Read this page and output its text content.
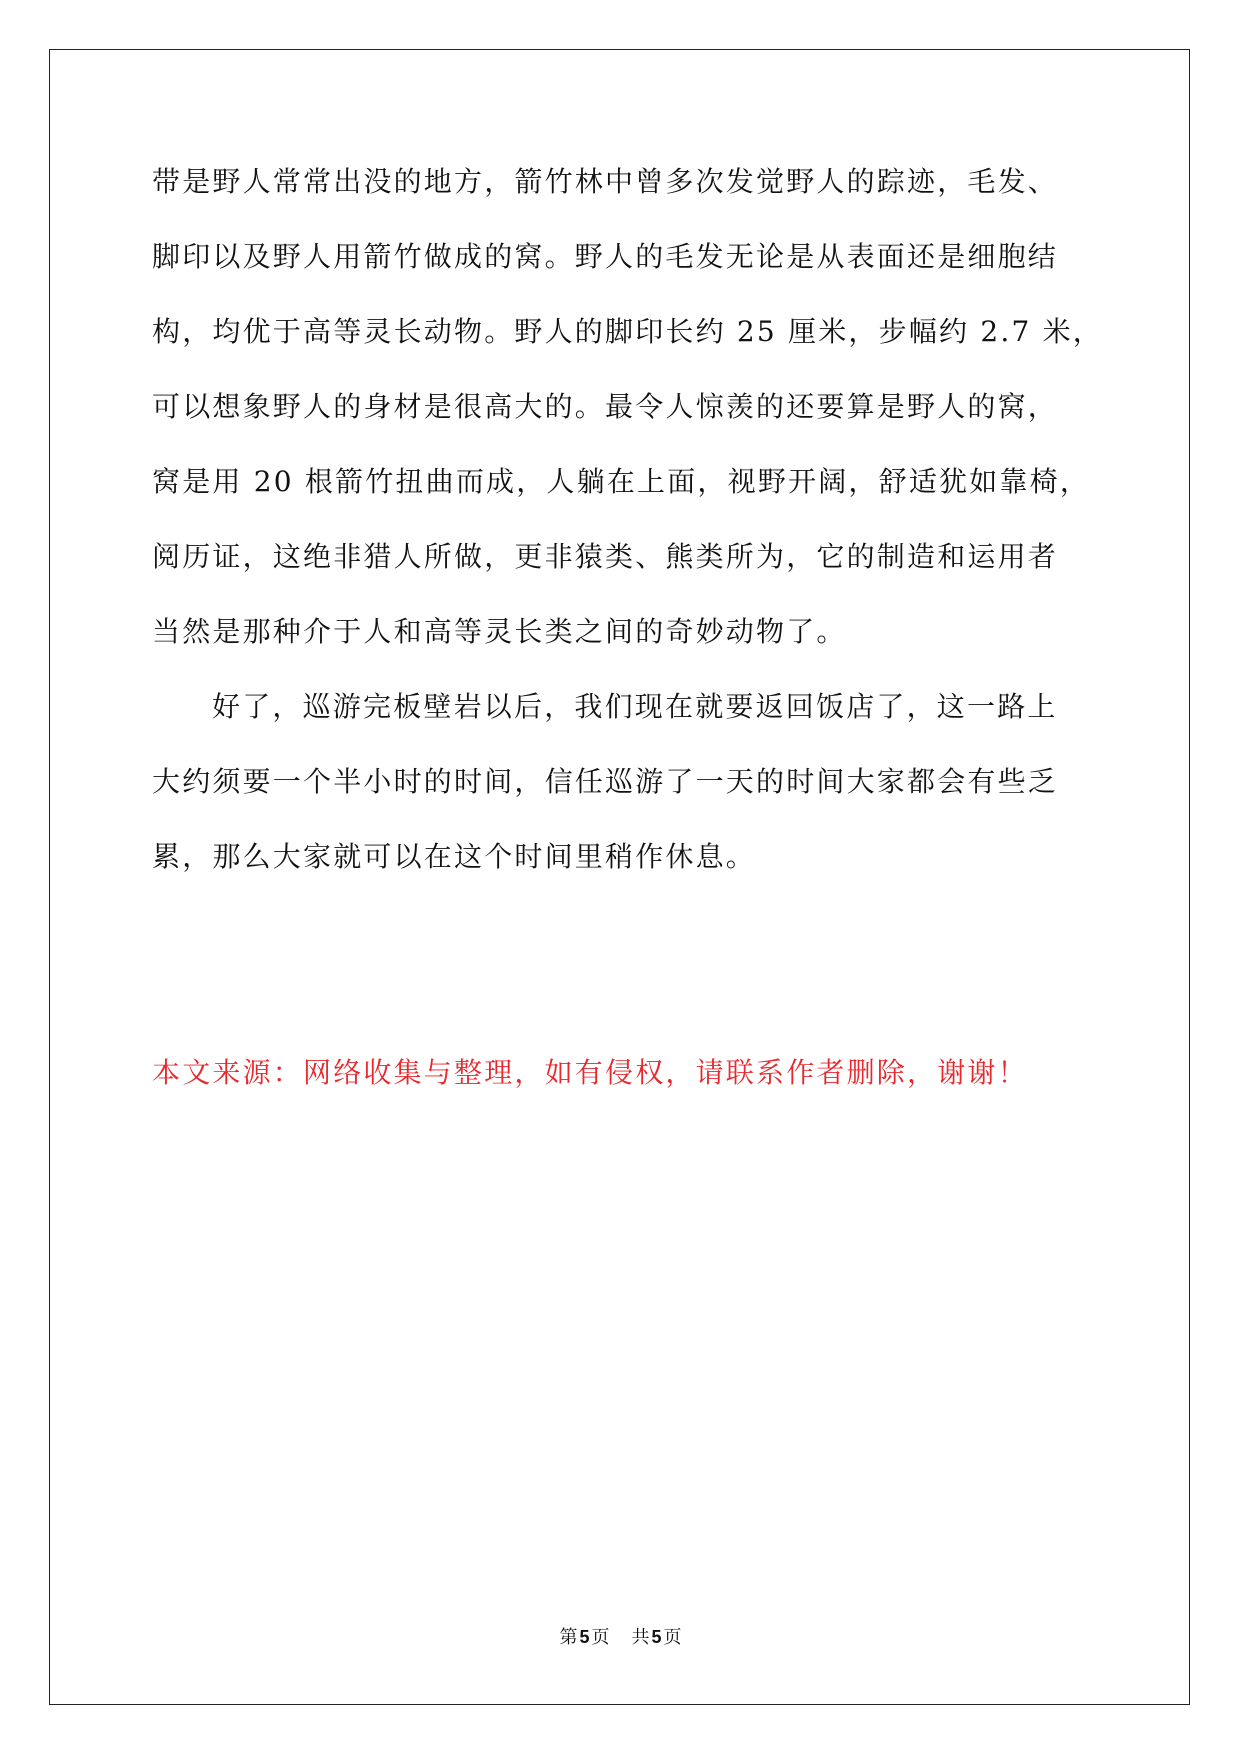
带是野人常常出没的地方，箭竹林中曾多次发觉野人的踪迹，毛发、
脚印以及野人用箭竹做成的窝。野人的毛发无论是从表面还是细胞结
构，均优于高等灵长动物。野人的脚印长约 25 厘米，步幅约 2.7 米，
可以想象野人的身材是很高大的。最令人惊羡的还要算是野人的窝，
窝是用 20 根箭竹扭曲而成，人躺在上面，视野开阔，舒适犹如靠椅，
阅历证，这绝非猎人所做，更非猿类、熊类所为，它的制造和运用者
当然是那种介于人和高等灵长类之间的奇妙动物了。
好了，巡游完板壁岩以后，我们现在就要返回饭店了，这一路上
大约须要一个半小时的时间，信任巡游了一天的时间大家都会有些乏
累，那么大家就可以在这个时间里稍作休息。
本文来源：网络收集与整理，如有侵权，请联系作者删除，谢谢！
第 5 页 共 5 页
